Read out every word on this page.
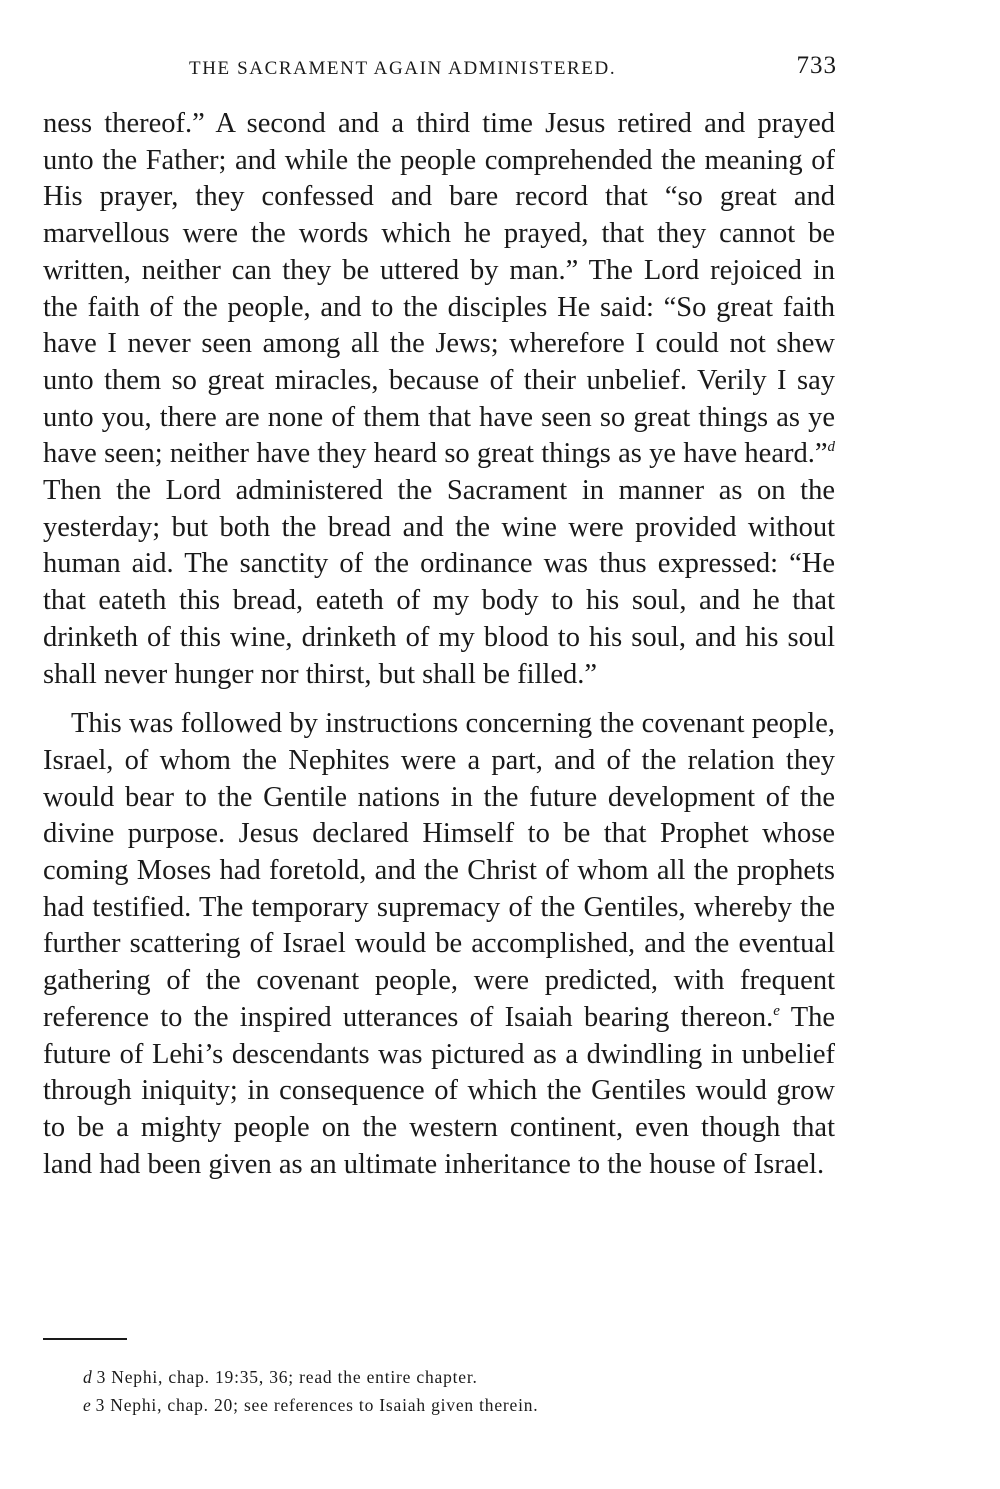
THE SACRAMENT AGAIN ADMINISTERED.	733

ness thereof.” A second and a third time Jesus retired and prayed unto the Father; and while the people comprehended the meaning of His prayer, they confessed and bare record that “so great and marvellous were the words which he prayed, that they cannot be written, neither can they be uttered by man.” The Lord rejoiced in the faith of the people, and to the disciples He said: “So great faith have I never seen among all the Jews; wherefore I could not shew unto them so great miracles, because of their unbelief. Verily I say unto you, there are none of them that have seen so great things as ye have seen; neither have they heard so great things as ye have heard.”$^d$ Then the Lord administered the Sacrament in manner as on the yesterday; but both the bread and the wine were provided without human aid. The sanctity of the ordinance was thus expressed: “He that eateth this bread, eateth of my body to his soul, and he that drinketh of this wine, drinketh of my blood to his soul, and his soul shall never hunger nor thirst, but shall be filled.”

This was followed by instructions concerning the covenant people, Israel, of whom the Nephites were a part, and of the relation they would bear to the Gentile nations in the future development of the divine purpose. Jesus declared Himself to be that Prophet whose coming Moses had foretold, and the Christ of whom all the prophets had testified. The temporary supremacy of the Gentiles, whereby the further scattering of Israel would be accomplished, and the eventual gathering of the covenant people, were predicted, with frequent reference to the inspired utterances of Isaiah bearing thereon.$^e$ The future of Lehi’s descendants was pictured as a dwindling in unbelief through iniquity; in consequence of which the Gentiles would grow to be a mighty people on the western continent, even though that land had been given as an ultimate inheritance to the house of Israel.

d 3 Nephi, chap. 19:35, 36; read the entire chapter.
e 3 Nephi, chap. 20; see references to Isaiah given therein.
